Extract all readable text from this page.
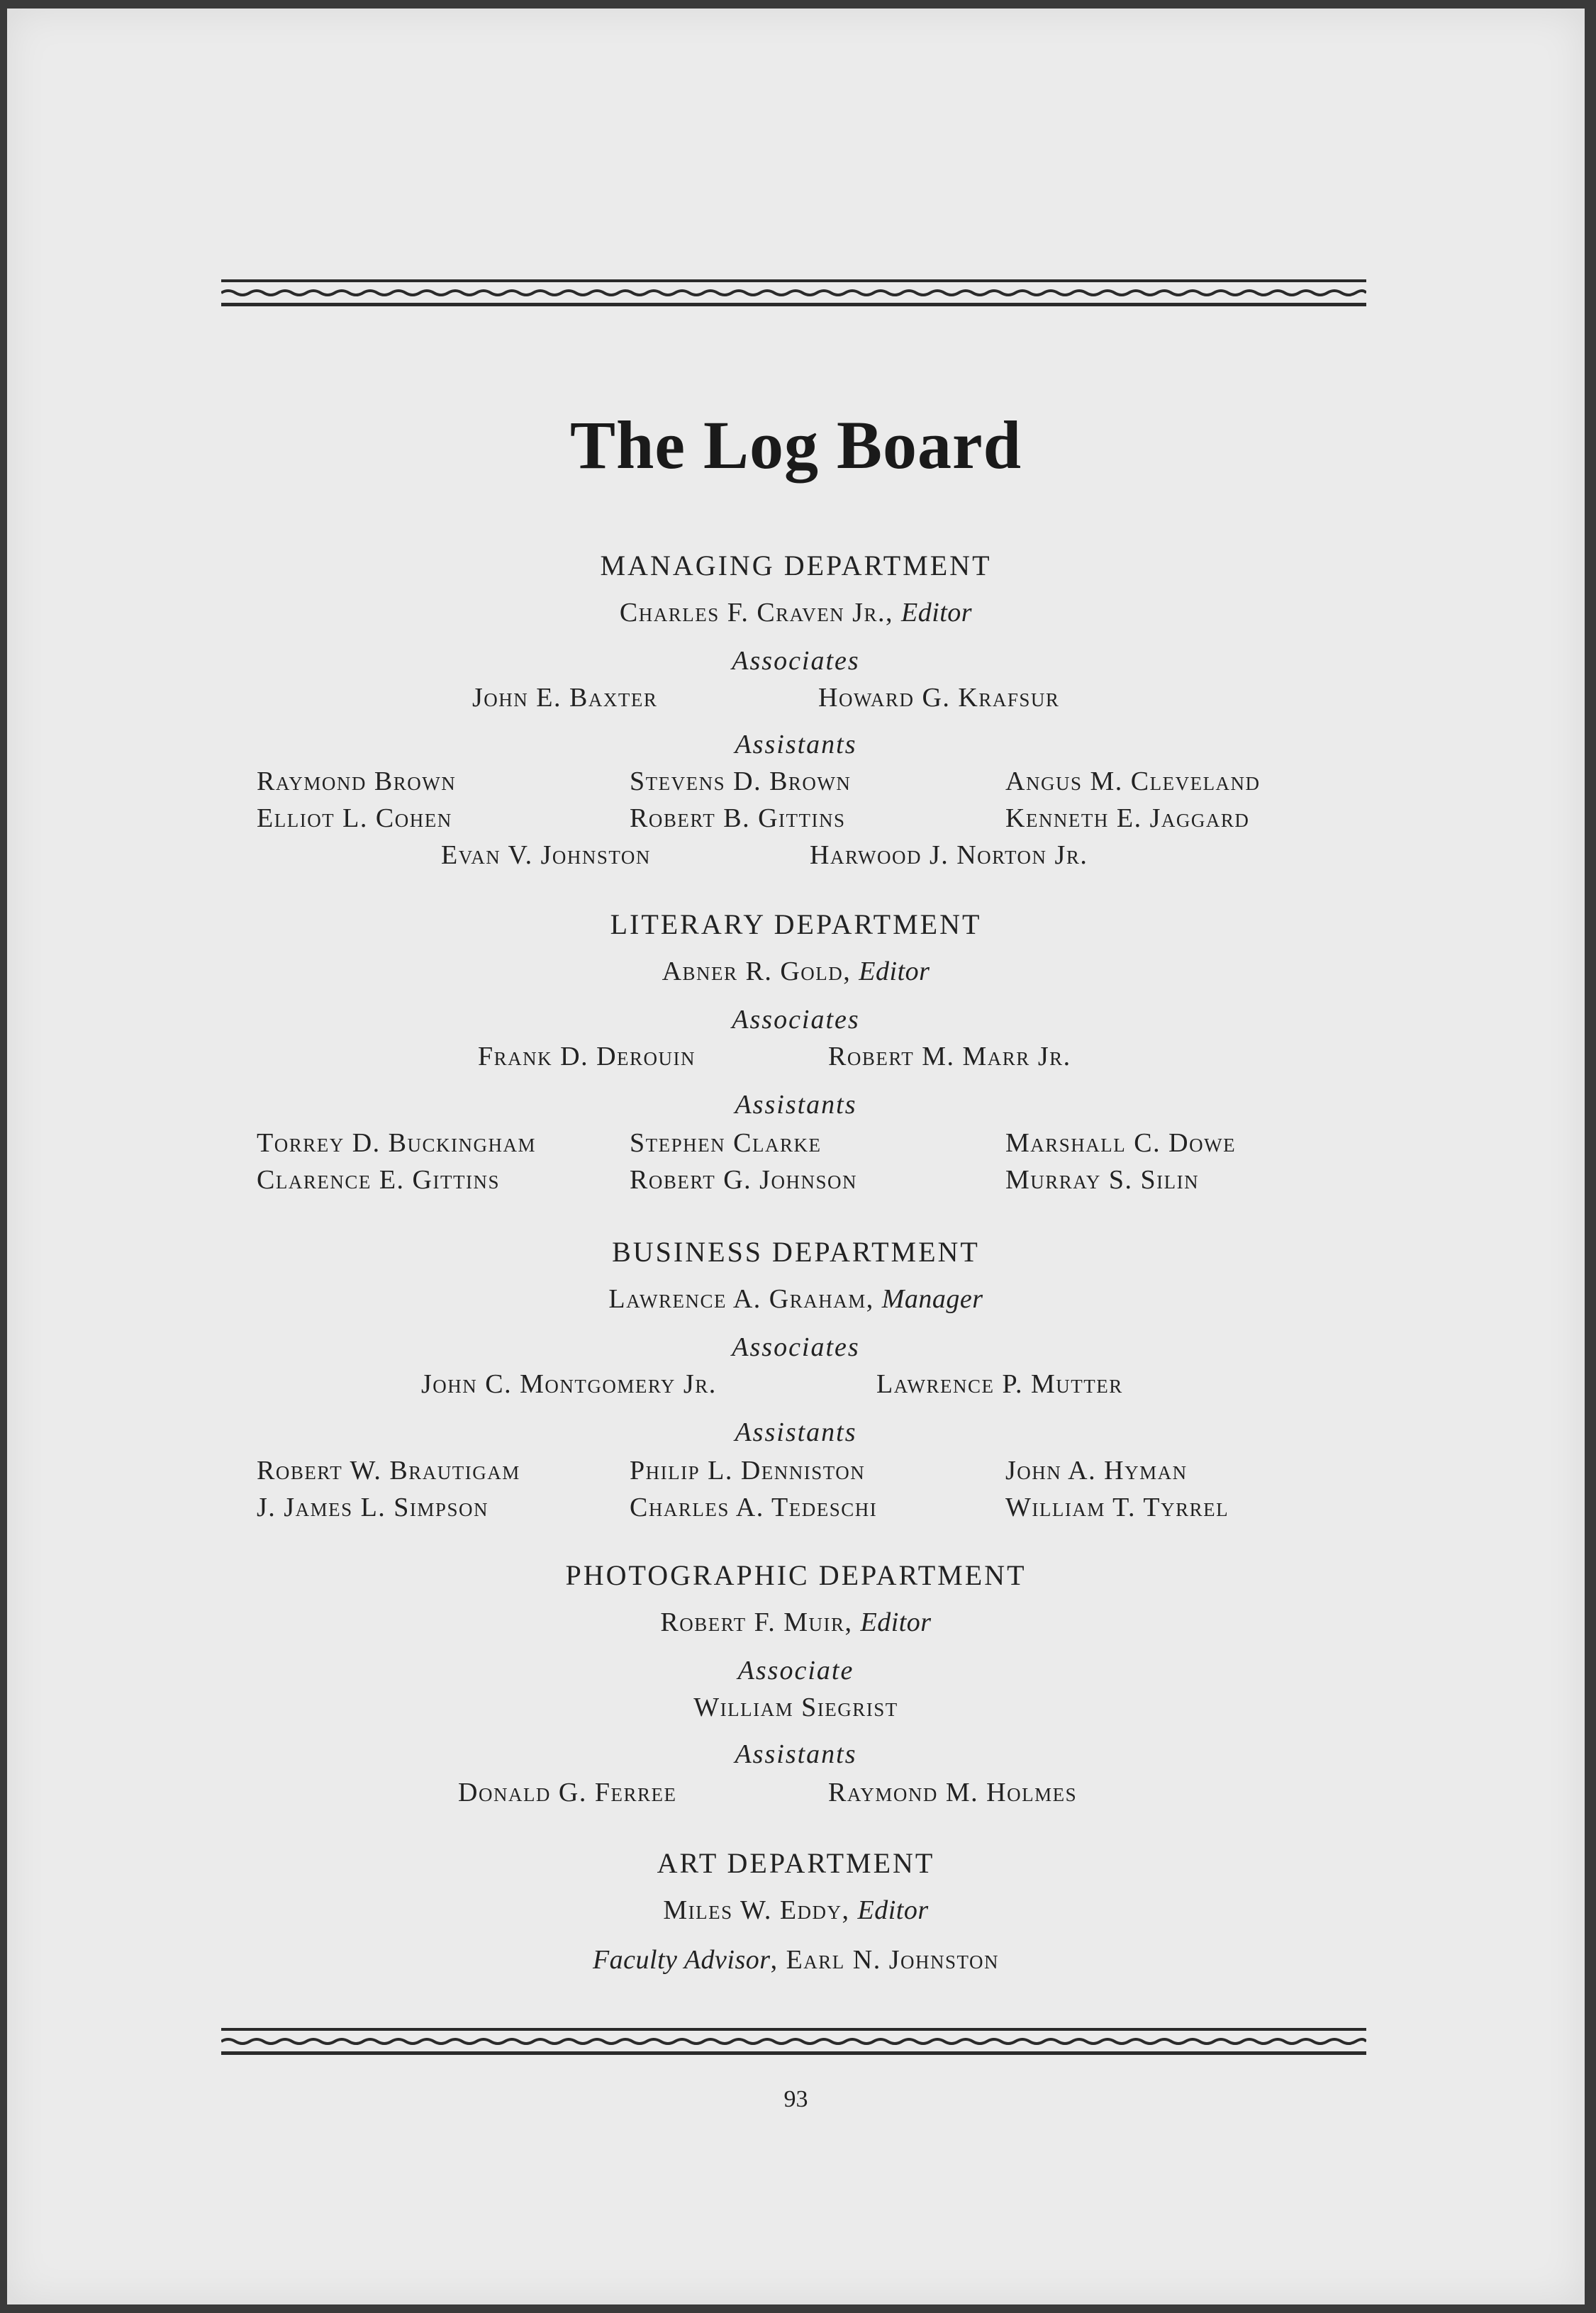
The Log Board
MANAGING DEPARTMENT
Charles F. Craven Jr., Editor
Associates
John E. Baxter	Howard G. Krafsur
Assistants
Raymond Brown	Stevens D. Brown	Angus M. Cleveland
Elliot L. Cohen	Robert B. Gittins	Kenneth E. Jaggard
Evan V. Johnston	Harwood J. Norton Jr.
LITERARY DEPARTMENT
Abner R. Gold, Editor
Associates
Frank D. Derouin	Robert M. Marr Jr.
Assistants
Torrey D. Buckingham	Stephen Clarke	Marshall C. Dowe
Clarence E. Gittins	Robert G. Johnson	Murray S. Silin
BUSINESS DEPARTMENT
Lawrence A. Graham, Manager
Associates
John C. Montgomery Jr.	Lawrence P. Mutter
Assistants
Robert W. Brautigam	Philip L. Denniston	John A. Hyman
J. James L. Simpson	Charles A. Tedeschi	William T. Tyrrel
PHOTOGRAPHIC DEPARTMENT
Robert F. Muir, Editor
Associate
William Siegrist
Assistants
Donald G. Ferree	Raymond M. Holmes
ART DEPARTMENT
Miles W. Eddy, Editor
Faculty Advisor, Earl N. Johnston
93
